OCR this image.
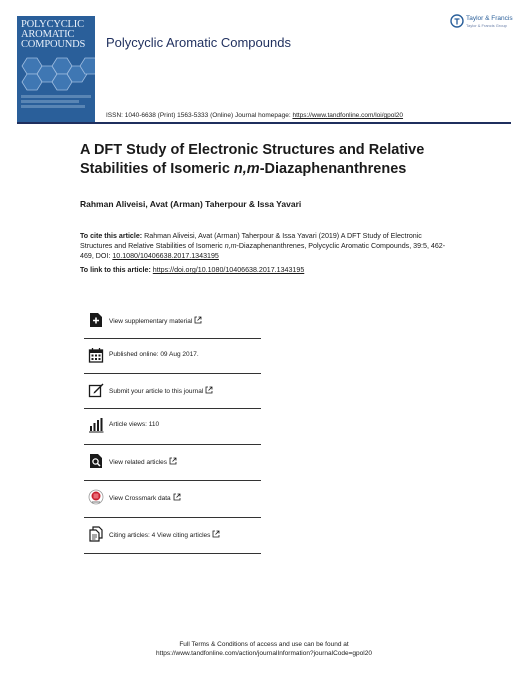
POLYCYCLIC
AROMATIC
COMPOUNDS	Polycyclic Aromatic Compounds
Taylor & Francis
Taylor & Francis Group
ISSN: 1040-6638 (Print) 1563-5333 (Online) Journal homepage: https://www.tandfonline.com/loi/gpol20
A DFT Study of Electronic Structures and Relative Stabilities of Isomeric n,m-Diazaphenanthrenes
Rahman Aliveisi, Avat (Arman) Taherpour & Issa Yavari
To cite this article: Rahman Aliveisi, Avat (Arman) Taherpour & Issa Yavari (2019) A DFT Study of Electronic Structures and Relative Stabilities of Isomeric n,m-Diazaphenanthrenes, Polycyclic Aromatic Compounds, 39:5, 462-469, DOI: 10.1080/10406638.2017.1343195
To link to this article: https://doi.org/10.1080/10406638.2017.1343195
View supplementary material
Published online: 09 Aug 2017.
Submit your article to this journal
Article views: 110
View related articles
View Crossmark data
Citing articles: 4 View citing articles
Full Terms & Conditions of access and use can be found at
https://www.tandfonline.com/action/journalInformation?journalCode=gpol20
